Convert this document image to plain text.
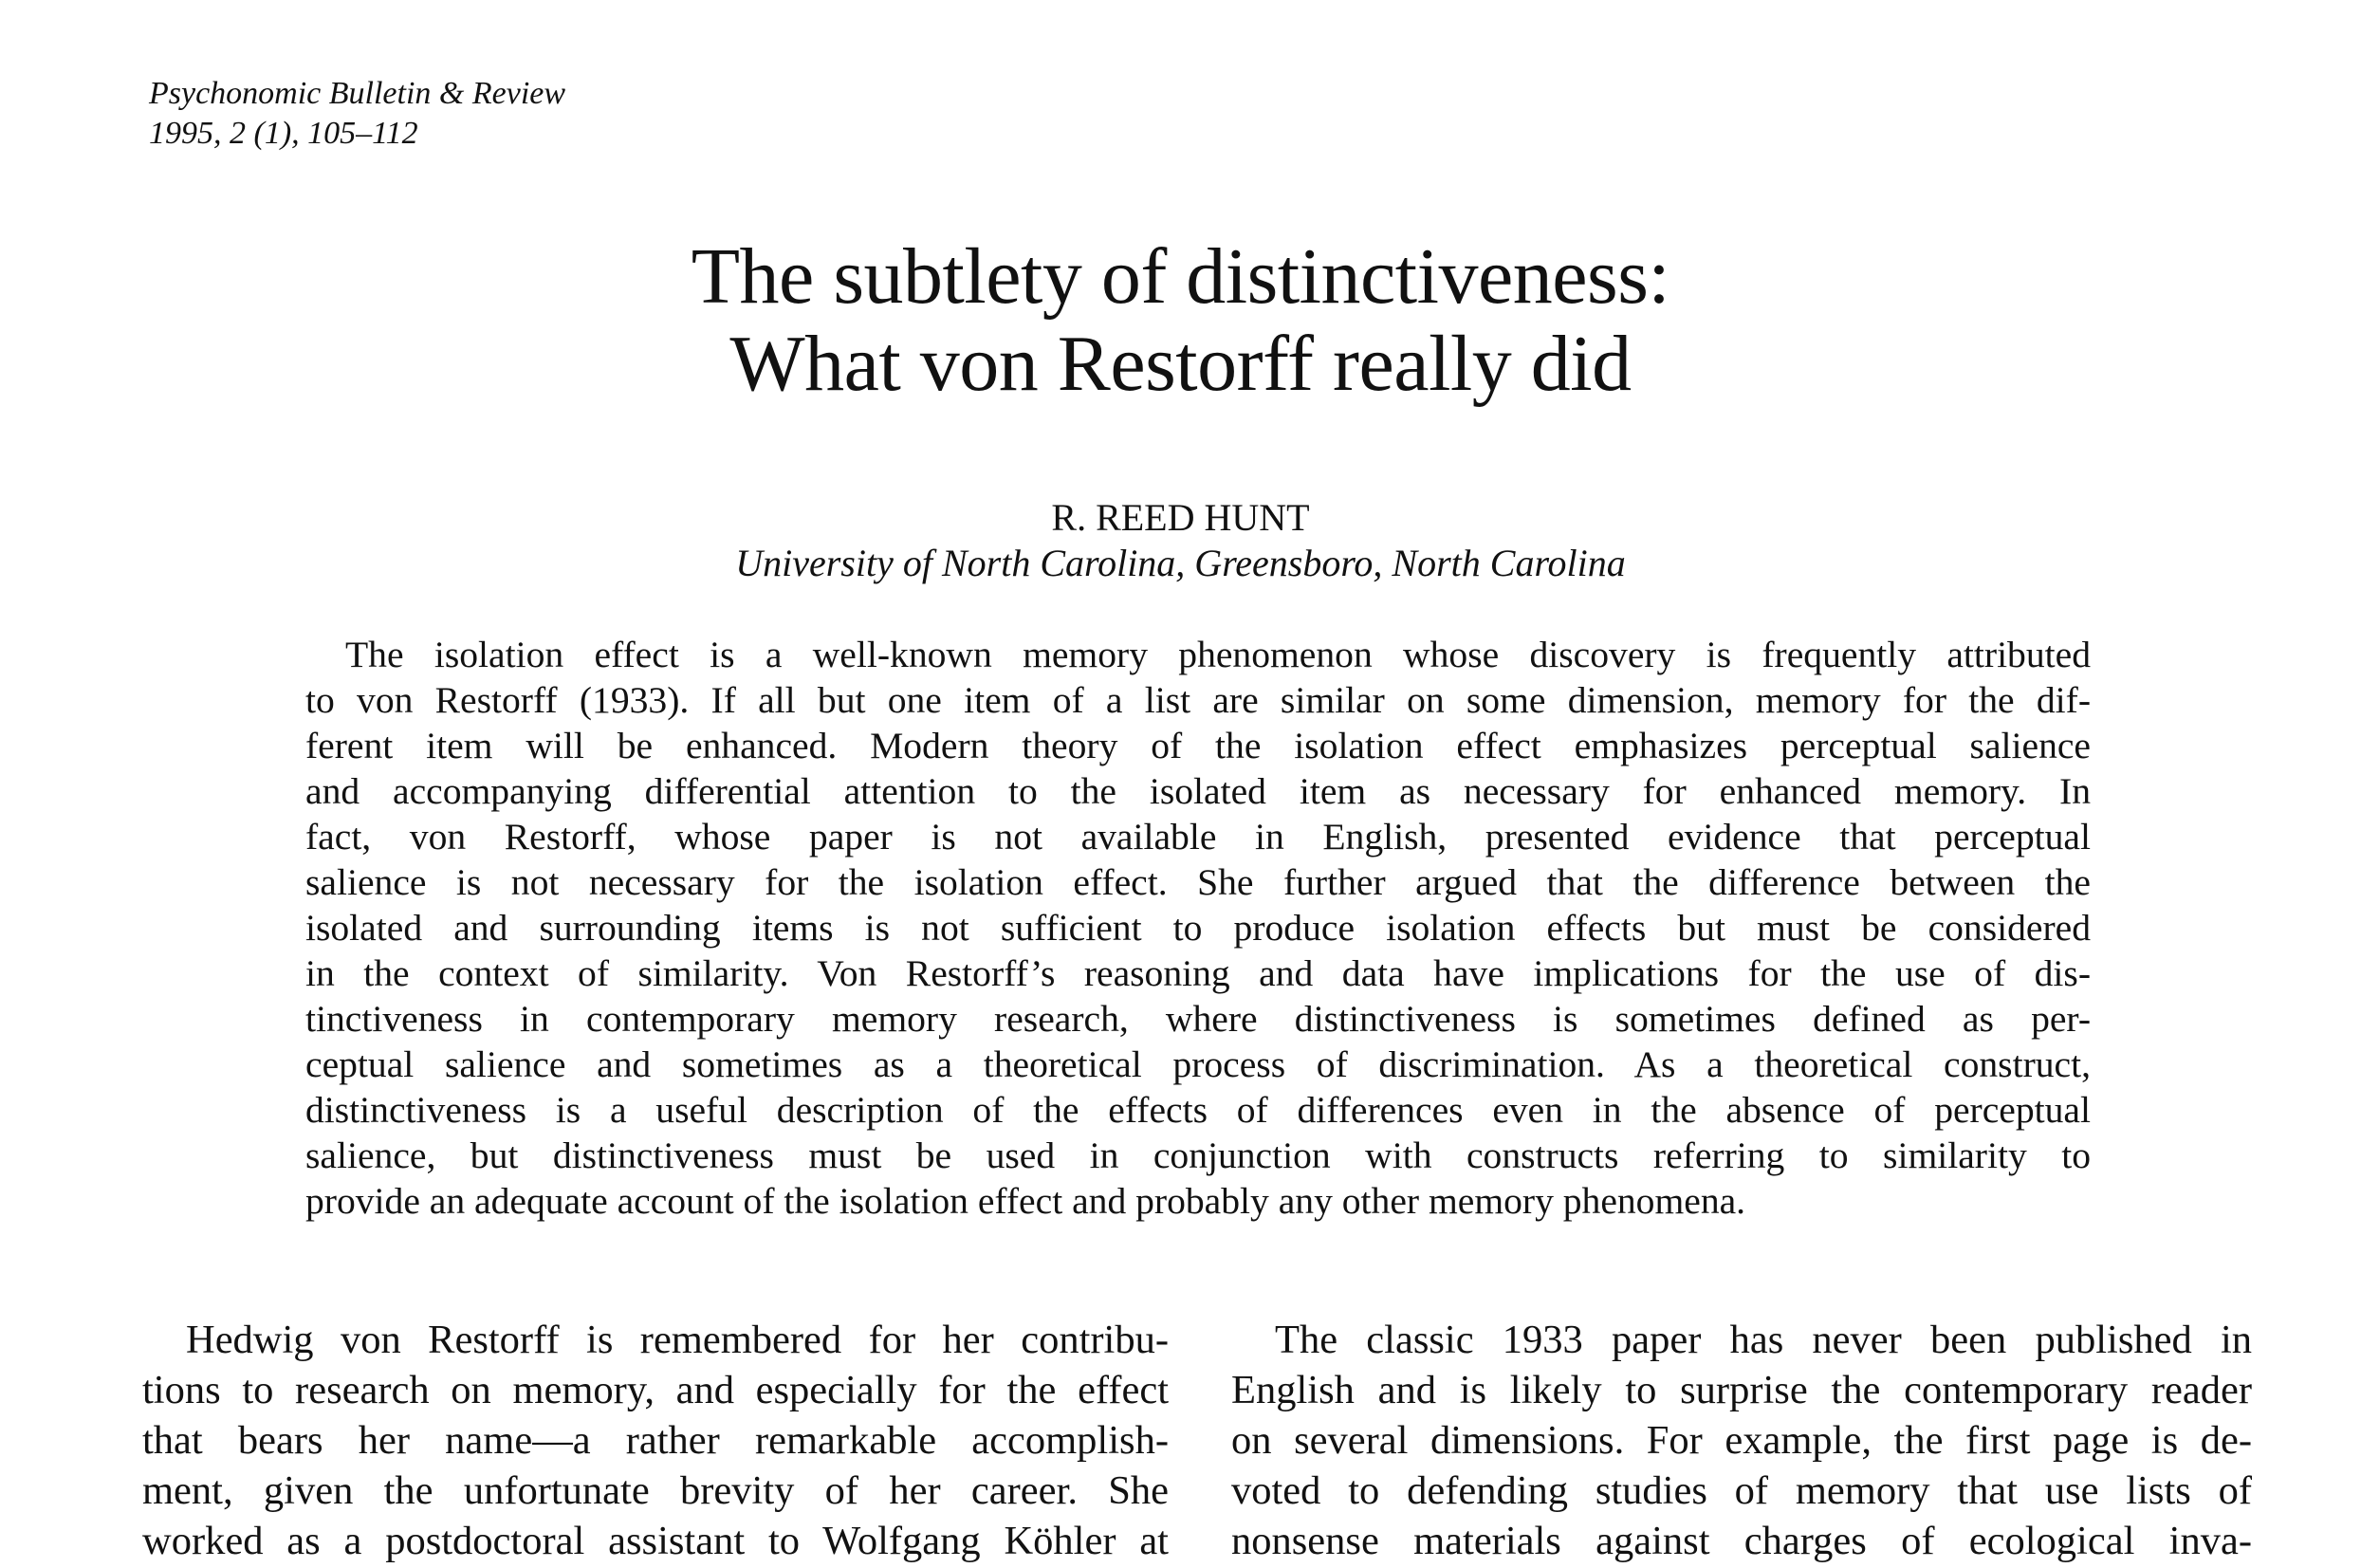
Psychonomic Bulletin & Review
1995, 2 (1), 105–112
The subtlety of distinctiveness:
What von Restorff really did
R. REED HUNT
University of North Carolina, Greensboro, North Carolina
The isolation effect is a well-known memory phenomenon whose discovery is frequently attributed
to von Restorff (1933). If all but one item of a list are similar on some dimension, memory for the dif-
ferent item will be enhanced. Modern theory of the isolation effect emphasizes perceptual salience
and accompanying differential attention to the isolated item as necessary for enhanced memory. In
fact, von Restorff, whose paper is not available in English, presented evidence that perceptual
salience is not necessary for the isolation effect. She further argued that the difference between the
isolated and surrounding items is not sufficient to produce isolation effects but must be considered
in the context of similarity. Von Restorff’s reasoning and data have implications for the use of dis-
tinctiveness in contemporary memory research, where distinctiveness is sometimes defined as per-
ceptual salience and sometimes as a theoretical process of discrimination. As a theoretical construct,
distinctiveness is a useful description of the effects of differences even in the absence of perceptual
salience, but distinctiveness must be used in conjunction with constructs referring to similarity to
provide an adequate account of the isolation effect and probably any other memory phenomena.
Hedwig von Restorff is remembered for her contribu-
tions to research on memory, and especially for the effect
that bears her name—a rather remarkable accomplish-
ment, given the unfortunate brevity of her career. She
worked as a postdoctoral assistant to Wolfgang Köhler at
The classic 1933 paper has never been published in
English and is likely to surprise the contemporary reader
on several dimensions. For example, the first page is de-
voted to defending studies of memory that use lists of
nonsense materials against charges of ecological inva-
